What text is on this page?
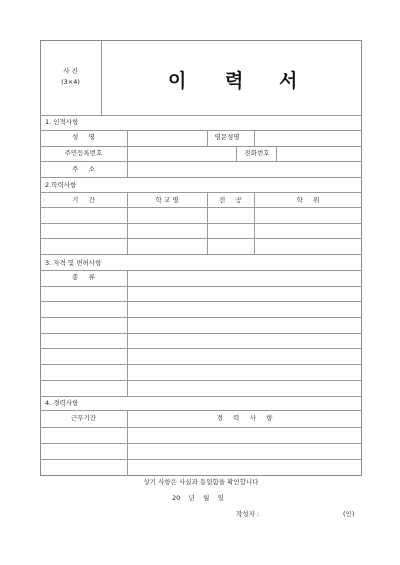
사 진
(3×4)	이 력 서
1. 인적사항
성     명	영문성명
주민등록번호	전화번호
주     소
2.학력사항
기     간	학 교 명	전     공	학     위
3. 자격 및 면허사항
종     류
4. 경력사항
근무기간	경     력     사     항
상기 사항은 사실과 동일함을 확인합니다
20    년    월    일
작성자 :	(인)
